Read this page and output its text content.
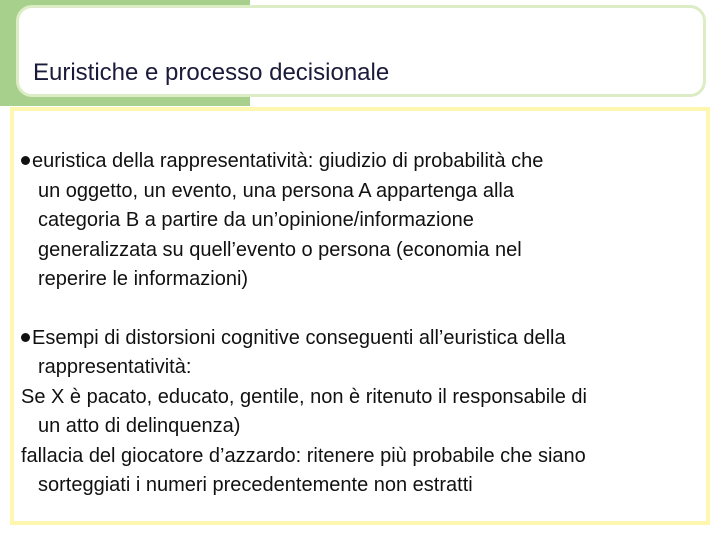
Euristiche e processo decisionale
euristica della rappresentatività: giudizio di probabilità che
un oggetto, un evento, una persona A appartenga alla
categoria B a partire da un’opinione/informazione
generalizzata su quell’evento o persona (economia nel
reperire le informazioni)
Esempi di distorsioni cognitive conseguenti all’euristica della
rappresentatività:
Se X è pacato, educato, gentile, non è ritenuto il responsabile di
un atto di delinquenza)
fallacia del giocatore d’azzardo: ritenere più probabile che siano
sorteggiati i numeri precedentemente non estratti
